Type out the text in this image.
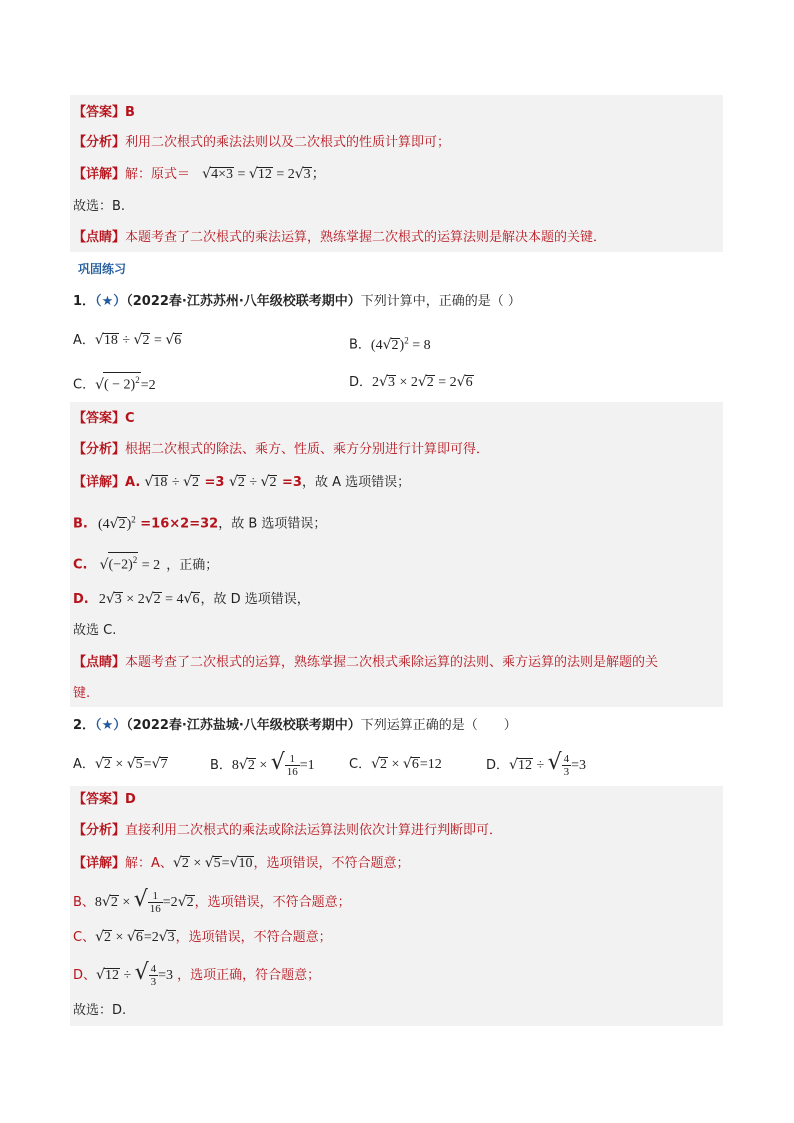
【答案】B
【分析】利用二次根式的乘法法则以及二次根式的性质计算即可；
【详解】解：原式＝ √4×3 = √12 = 2√3；
故选：B.
【点睛】本题考查了二次根式的乘法运算，熟练掌握二次根式的运算法则是解决本题的关键．
巩固练习
1．（★）（2022春·江苏苏州·八年级校联考期中）下列计算中，正确的是（ ）
A．√18 ÷ √2 = √6	B．$(4√2)^2 = 8$
C．√( − 2)$^2$=2	D．2√3 × 2√2 = 2√6
【答案】C
【分析】根据二次根式的除法、乘方、性质、乘方分别进行计算即可得．
【详解】A. √18 ÷ √2 =3 √2 ÷ √2 =3，故 A 选项错误；
B. $(4√2)^2 =16\times 2=32$，故 B 选项错误；
C. $√(-2)^2 = 2$ ，正确；
D. 2√3 × 2√2 = 4√6，故 D 选项错误，
故选 C.
【点睛】本题考查了二次根式的运算，熟练掌握二次根式乘除运算的法则、乘方运算的法则是解题的关
键.
2．（★）（2022春·江苏盐城·八年级校联考期中）下列运算正确的是（　　）
A．√2 × √5=√7	B．8√2 × √ $\frac{1}{16} =1$	C．√2 × √6=12	D．√12 ÷ √ $\frac{4}{3} =3$
【答案】D
【分析】直接利用二次根式的乘法或除法运算法则依次计算进行判断即可．
【详解】解：A、√2 × √5=√10，选项错误，不符合题意；
B、8√2 × √ $\frac{1}{16} =2√2$，选项错误，不符合题意；
C、√2 × √6=2√3，选项错误，不符合题意；
D、√12 ÷ √ $\frac{4}{3} =3$ ，选项正确，符合题意；
故选：D.
